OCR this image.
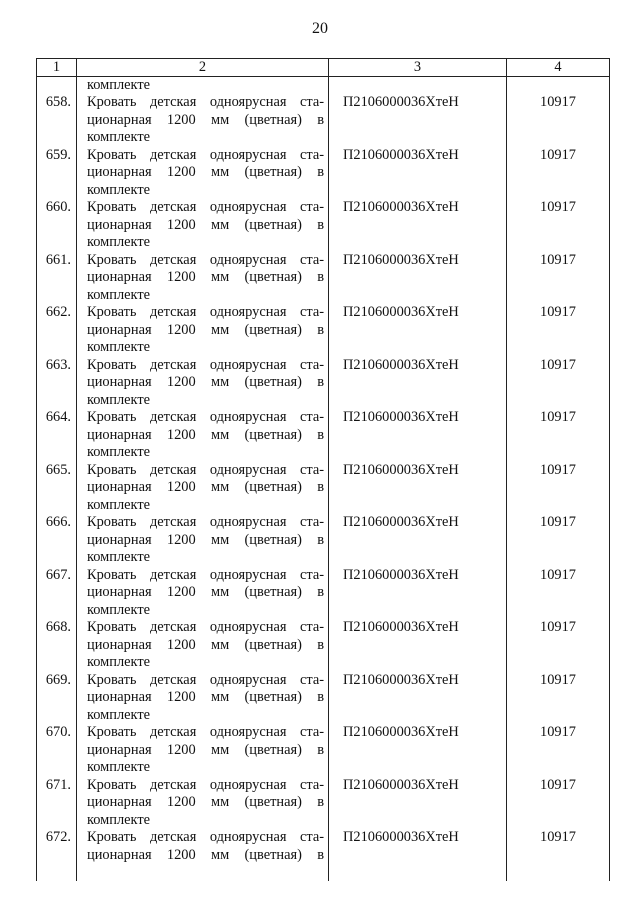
20
1	2	3	4
	комплекте		
658.	Кровать детская одноярусная ста-
ционарная 1200 мм (цветная) в
комплекте	П2106000036ХтеН	10917
659.	Кровать детская одноярусная ста-
ционарная 1200 мм (цветная) в
комплекте	П2106000036ХтеН	10917
660.	Кровать детская одноярусная ста-
ционарная 1200 мм (цветная) в
комплекте	П2106000036ХтеН	10917
661.	Кровать детская одноярусная ста-
ционарная 1200 мм (цветная) в
комплекте	П2106000036ХтеН	10917
662.	Кровать детская одноярусная ста-
ционарная 1200 мм (цветная) в
комплекте	П2106000036ХтеН	10917
663.	Кровать детская одноярусная ста-
ционарная 1200 мм (цветная) в
комплекте	П2106000036ХтеН	10917
664.	Кровать детская одноярусная ста-
ционарная 1200 мм (цветная) в
комплекте	П2106000036ХтеН	10917
665.	Кровать детская одноярусная ста-
ционарная 1200 мм (цветная) в
комплекте	П2106000036ХтеН	10917
666.	Кровать детская одноярусная ста-
ционарная 1200 мм (цветная) в
комплекте	П2106000036ХтеН	10917
667.	Кровать детская одноярусная ста-
ционарная 1200 мм (цветная) в
комплекте	П2106000036ХтеН	10917
668.	Кровать детская одноярусная ста-
ционарная 1200 мм (цветная) в
комплекте	П2106000036ХтеН	10917
669.	Кровать детская одноярусная ста-
ционарная 1200 мм (цветная) в
комплекте	П2106000036ХтеН	10917
670.	Кровать детская одноярусная ста-
ционарная 1200 мм (цветная) в
комплекте	П2106000036ХтеН	10917
671.	Кровать детская одноярусная ста-
ционарная 1200 мм (цветная) в
комплекте	П2106000036ХтеН	10917
672.	Кровать детская одноярусная ста-
ционарная 1200 мм (цветная) в	П2106000036ХтеН	10917
